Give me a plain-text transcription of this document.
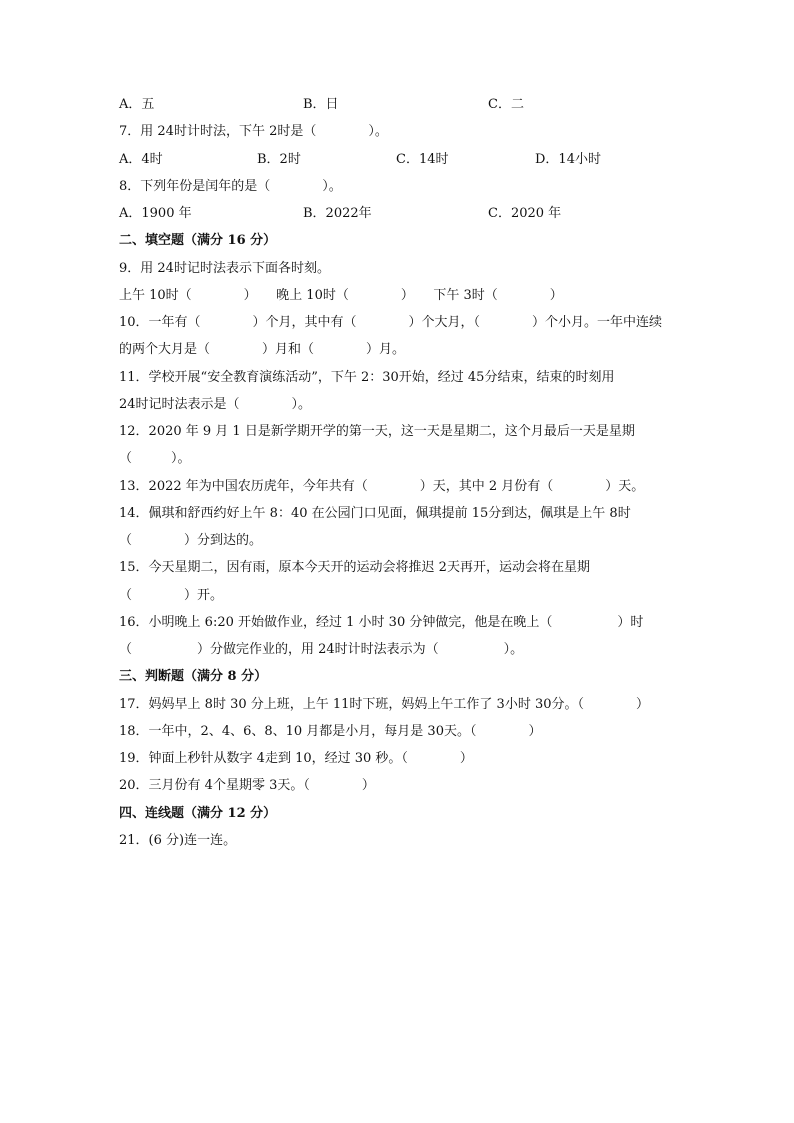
A．五	B．日	C．二
7．用 24时计时法，下午 2时是（　　　　）。
A．4时	B．2时	C．14时	D．14小时
8．下列年份是闰年的是（　　　　）。
A．1900 年	B．2022年	C．2020 年
二、填空题（满分 16 分）
9．用 24时记时法表示下面各时刻。
上午 10时（　　　　）　　晚上 10时（　　　　）　　下午 3时（　　　　）
10．一年有（　　　　）个月，其中有（　　　　）个大月，（　　　　）个小月。一年中连续
的两个大月是（　　　　）月和（　　　　）月。
11．学校开展“安全教育演练活动”，下午 2：30开始，经过 45分结束，结束的时刻用
24时记时法表示是（　　　　）。
12．2020 年 9 月 1 日是新学期开学的第一天，这一天是星期二，这个月最后一天是星期
（　　　）。
13．2022 年为中国农历虎年，今年共有（　　　　）天，其中 2 月份有（　　　　）天。
14．佩琪和舒西约好上午 8：40 在公园门口见面，佩琪提前 15分到达，佩琪是上午 8时
（　　　　）分到达的。
15．今天星期二，因有雨，原本今天开的运动会将推迟 2天再开，运动会将在星期
（　　　　）开。
16．小明晚上 6:20 开始做作业，经过 1 小时 30 分钟做完，他是在晚上（　　　　　）时
（　　　　　）分做完作业的，用 24时计时法表示为（　　　　　）。
三、判断题（满分 8 分）
17．妈妈早上 8时 30 分上班，上午 11时下班，妈妈上午工作了 3小时 30分。（　　　　）
18．一年中，2、4、6、8、10 月都是小月，每月是 30天。（　　　　）
19．钟面上秒针从数字 4走到 10，经过 30 秒。（　　　　）
20．三月份有 4个星期零 3天。（　　　　）
四、连线题（满分 12 分）
21．(6 分)连一连。
